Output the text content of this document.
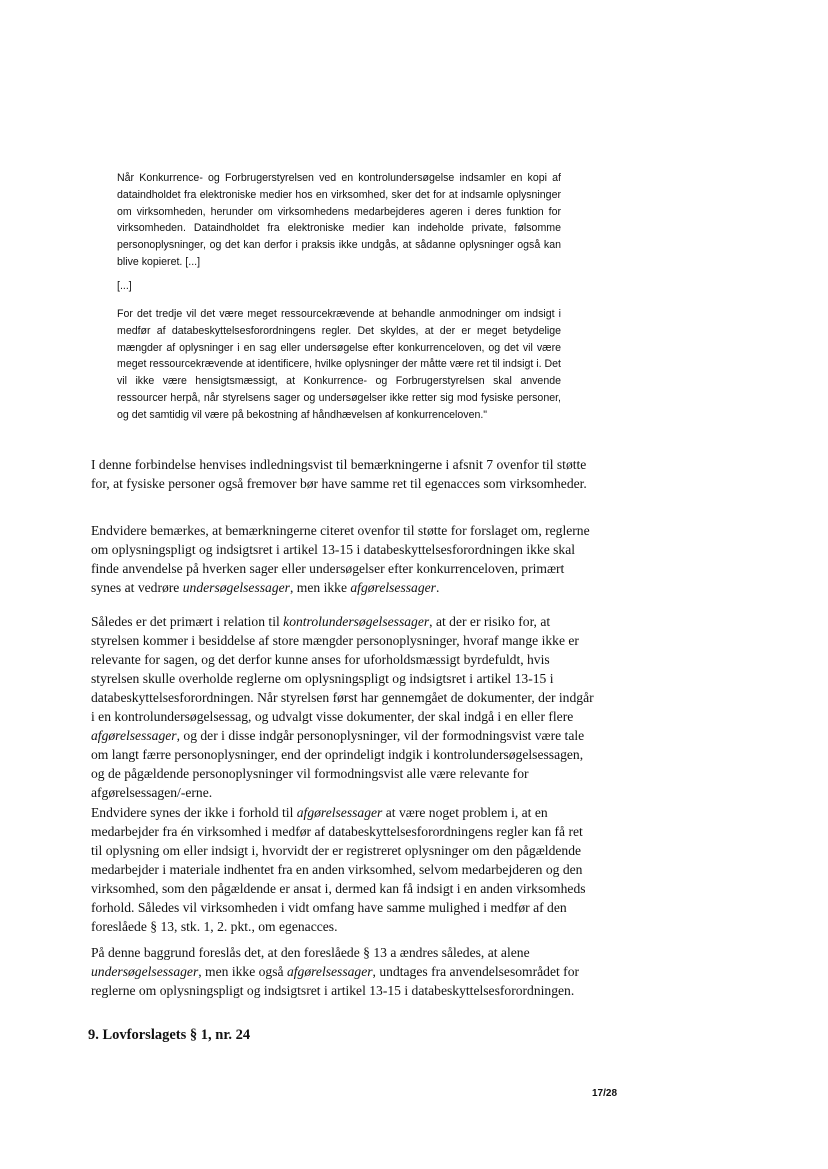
Når Konkurrence- og Forbrugerstyrelsen ved en kontrolundersøgelse indsamler en kopi af dataindholdet fra elektroniske medier hos en virksomhed, sker det for at indsamle oplysninger om virksomheden, herunder om virksomhedens medarbejderes ageren i deres funktion for virksomheden. Dataindholdet fra elektroniske medier kan indeholde private, følsomme personoplysninger, og det kan derfor i praksis ikke undgås, at sådanne oplysninger også kan blive kopieret. [...]

[...]

For det tredje vil det være meget ressourcekrævende at behandle anmodninger om indsigt i medfør af databeskyttelsesforordningens regler. Det skyldes, at der er meget betydelige mængder af oplysninger i en sag eller undersøgelse efter konkurrenceloven, og det vil være meget ressourcekrævende at identificere, hvilke oplysninger der måtte være ret til indsigt i. Det vil ikke være hensigtsmæssigt, at Konkurrence- og Forbrugerstyrelsen skal anvende ressourcer herpå, når styrelsens sager og undersøgelser ikke retter sig mod fysiske personer, og det samtidig vil være på bekostning af håndhævelsen af konkurrenceloven."

I denne forbindelse henvises indledningsvist til bemærkningerne i afsnit 7 ovenfor til støtte for, at fysiske personer også fremover bør have samme ret til egenacces som virksomheder.

Endvidere bemærkes, at bemærkningerne citeret ovenfor til støtte for forslaget om, reglerne om oplysningspligt og indsigtsret i artikel 13-15 i databeskyttelsesforordningen ikke skal finde anvendelse på hverken sager eller undersøgelser efter konkurrenceloven, primært synes at vedrøre undersøgelsessager, men ikke afgørelsessager.

Således er det primært i relation til kontrolundersøgelsessager, at der er risiko for, at styrelsen kommer i besiddelse af store mængder personoplysninger, hvoraf mange ikke er relevante for sagen, og det derfor kunne anses for uforholdsmæssigt byrdefuldt, hvis styrelsen skulle overholde reglerne om oplysningspligt og indsigtsret i artikel 13-15 i databeskyttelsesforordningen. Når styrelsen først har gennemgået de dokumenter, der indgår i en kontrolundersøgelsessag, og udvalgt visse dokumenter, der skal indgå i en eller flere afgørelsessager, og der i disse indgår personoplysninger, vil der formodningsvist være tale om langt færre personoplysninger, end der oprindeligt indgik i kontrolundersøgelsessagen, og de pågældende personoplysninger vil formodningsvist alle være relevante for afgørelsessagen/-erne.

Endvidere synes der ikke i forhold til afgørelsessager at være noget problem i, at en medarbejder fra én virksomhed i medfør af databeskyttelsesforordningens regler kan få ret til oplysning om eller indsigt i, hvorvidt der er registreret oplysninger om den pågældende medarbejder i materiale indhentet fra en anden virksomhed, selvom medarbejderen og den virksomhed, som den pågældende er ansat i, dermed kan få indsigt i en anden virksomheds forhold. Således vil virksomheden i vidt omfang have samme mulighed i medfør af den foreslåede § 13, stk. 1, 2. pkt., om egenacces.

På denne baggrund foreslås det, at den foreslåede § 13 a ændres således, at alene undersøgelsessager, men ikke også afgørelsessager, undtages fra anvendelsesområdet for reglerne om oplysningspligt og indsigtsret i artikel 13-15 i databeskyttelsesforordningen.

9. Lovforslagets § 1, nr. 24

17/28
